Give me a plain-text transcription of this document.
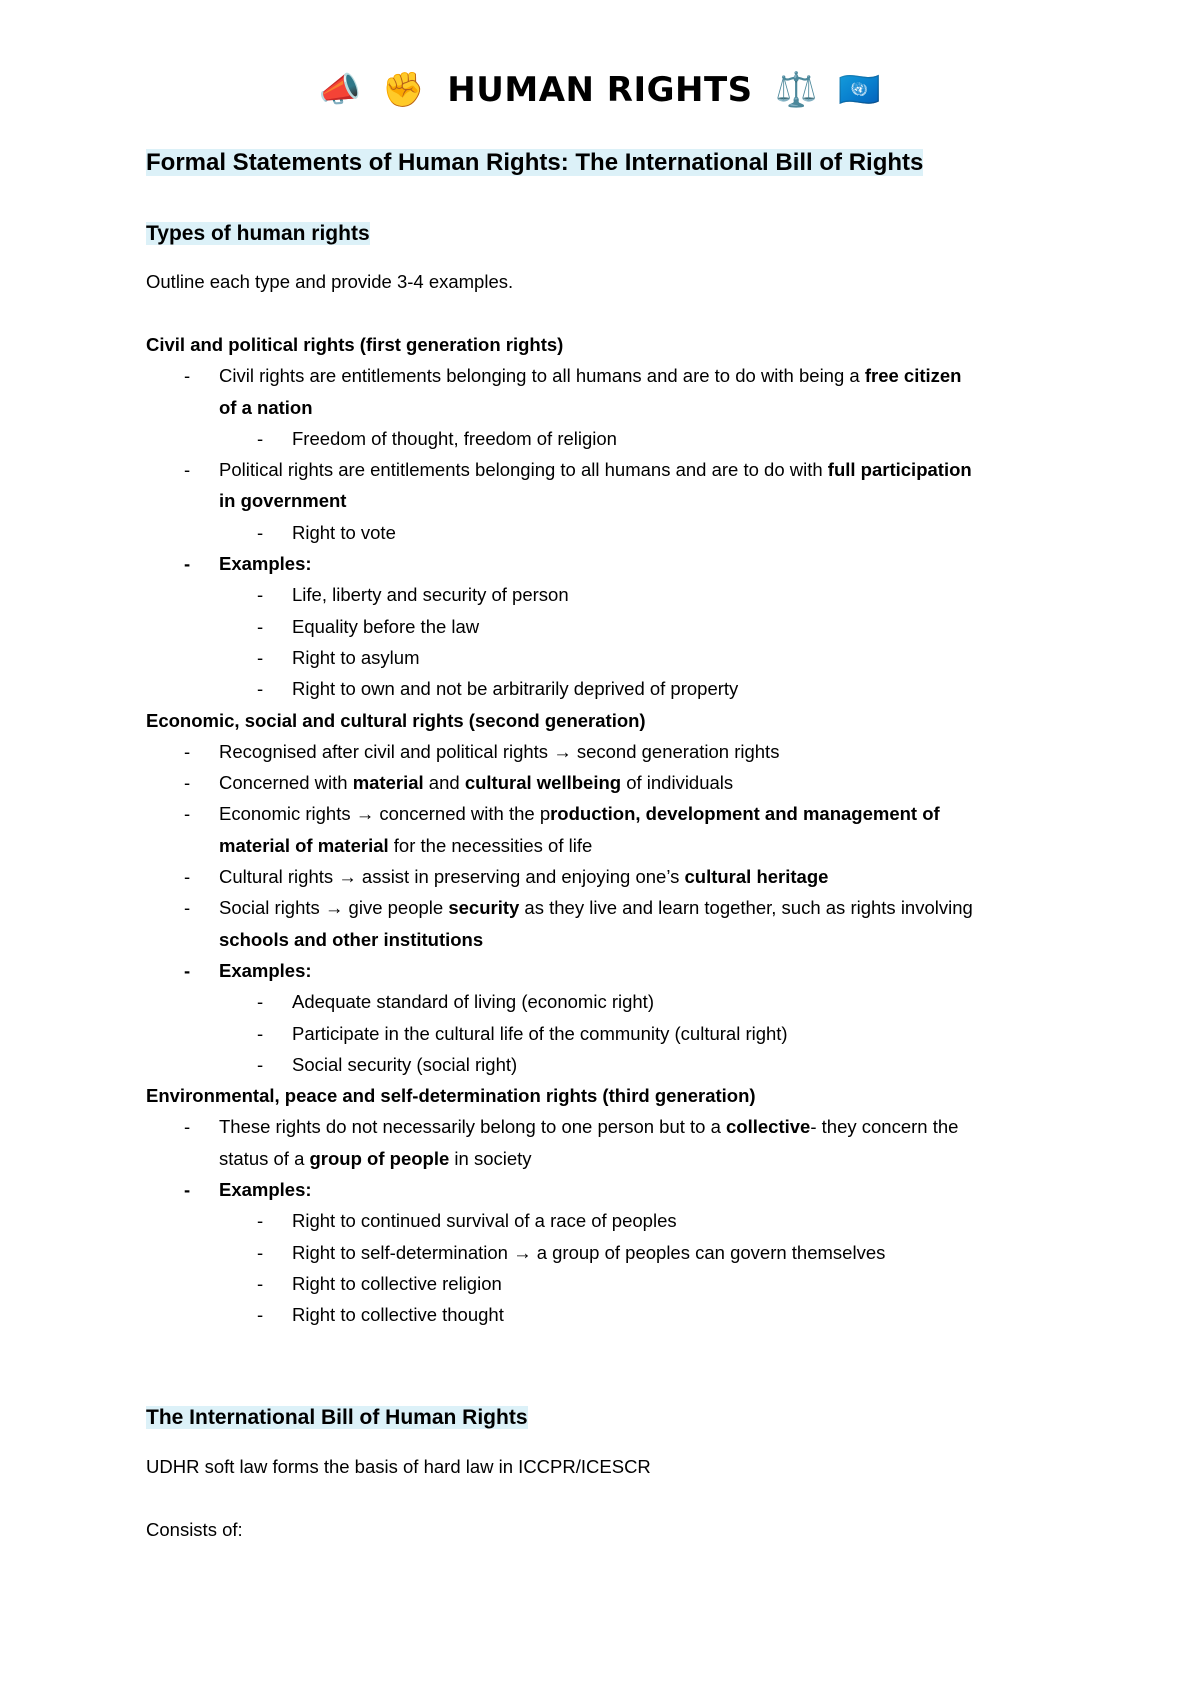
📣 ✊ HUMAN RIGHTS ⚖️ 🇺🇳
Formal Statements of Human Rights: The International Bill of Rights
Types of human rights
Outline each type and provide 3-4 examples.
Civil and political rights (first generation rights)
- Civil rights are entitlements belonging to all humans and are to do with being a free citizen
of a nation
- Freedom of thought, freedom of religion
- Political rights are entitlements belonging to all humans and are to do with full participation
in government
- Right to vote
- Examples:
- Life, liberty and security of person
- Equality before the law
- Right to asylum
- Right to own and not be arbitrarily deprived of property
Economic, social and cultural rights (second generation)
- Recognised after civil and political rights → second generation rights
- Concerned with material and cultural wellbeing of individuals
- Economic rights → concerned with the production, development and management of
material of material for the necessities of life
- Cultural rights → assist in preserving and enjoying one’s cultural heritage
- Social rights → give people security as they live and learn together, such as rights involving
schools and other institutions
- Examples:
- Adequate standard of living (economic right)
- Participate in the cultural life of the community (cultural right)
- Social security (social right)
Environmental, peace and self-determination rights (third generation)
- These rights do not necessarily belong to one person but to a collective- they concern the
status of a group of people in society
- Examples:
- Right to continued survival of a race of peoples
- Right to self-determination → a group of peoples can govern themselves
- Right to collective religion
- Right to collective thought
The International Bill of Human Rights
UDHR soft law forms the basis of hard law in ICCPR/ICESCR
Consists of:
